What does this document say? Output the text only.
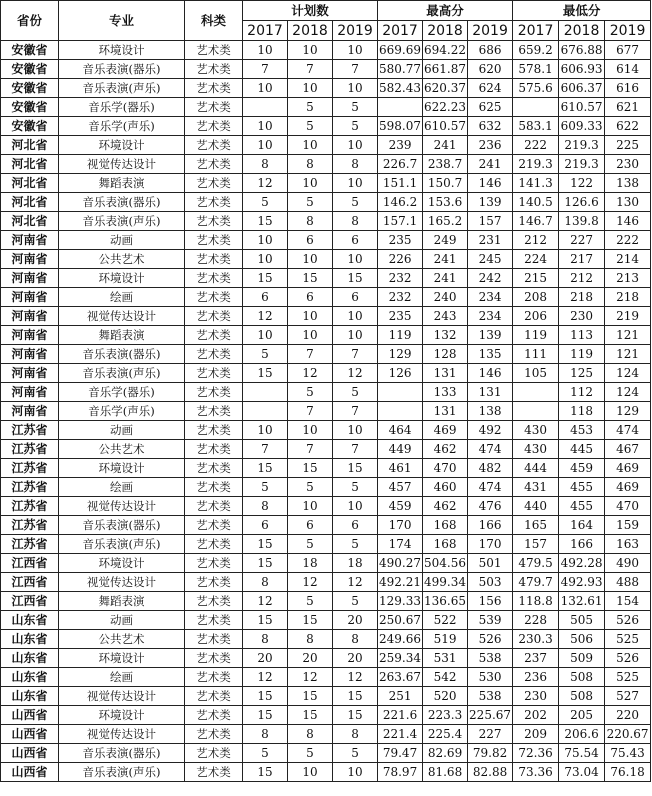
省份	专业	科类	计划数			最高分			最低分		
			2017	2018	2019	2017	2018	2019	2017	2018	2019
安徽省	环境设计	艺术类	10	10	10	669.69	694.22	686	659.2	676.88	677
安徽省	音乐表演(器乐)	艺术类	7	7	7	580.77	661.87	620	578.1	606.93	614
安徽省	音乐表演(声乐)	艺术类	10	10	10	582.43	620.37	624	575.6	606.37	616
安徽省	音乐学(器乐)	艺术类		5	5		622.23	625		610.57	621
安徽省	音乐学(声乐)	艺术类	10	5	5	598.07	610.57	632	583.1	609.33	622
河北省	环境设计	艺术类	10	10	10	239	241	236	222	219.3	225
河北省	视觉传达设计	艺术类	8	8	8	226.7	238.7	241	219.3	219.3	230
河北省	舞蹈表演	艺术类	12	10	10	151.1	150.7	146	141.3	122	138
河北省	音乐表演(器乐)	艺术类	5	5	5	146.2	153.6	139	140.5	126.6	130
河北省	音乐表演(声乐)	艺术类	15	8	8	157.1	165.2	157	146.7	139.8	146
河南省	动画	艺术类	10	6	6	235	249	231	212	227	222
河南省	公共艺术	艺术类	10	10	10	226	241	245	224	217	214
河南省	环境设计	艺术类	15	15	15	232	241	242	215	212	213
河南省	绘画	艺术类	6	6	6	232	240	234	208	218	218
河南省	视觉传达设计	艺术类	12	10	10	235	243	234	206	230	219
河南省	舞蹈表演	艺术类	10	10	10	119	132	139	119	113	121
河南省	音乐表演(器乐)	艺术类	5	7	7	129	128	135	111	119	121
河南省	音乐表演(声乐)	艺术类	15	12	12	126	131	146	105	125	124
河南省	音乐学(器乐)	艺术类		5	5		133	131		112	124
河南省	音乐学(声乐)	艺术类		7	7		131	138		118	129
江苏省	动画	艺术类	10	10	10	464	469	492	430	453	474
江苏省	公共艺术	艺术类	7	7	7	449	462	474	430	445	467
江苏省	环境设计	艺术类	15	15	15	461	470	482	444	459	469
江苏省	绘画	艺术类	5	5	5	457	460	474	431	455	469
江苏省	视觉传达设计	艺术类	8	10	10	459	462	476	440	455	470
江苏省	音乐表演(器乐)	艺术类	6	6	6	170	168	166	165	164	159
江苏省	音乐表演(声乐)	艺术类	15	5	5	174	168	170	157	166	163
江西省	环境设计	艺术类	15	18	18	490.27	504.56	501	479.5	492.28	490
江西省	视觉传达设计	艺术类	8	12	12	492.21	499.34	503	479.7	492.93	488
江西省	舞蹈表演	艺术类	12	5	5	129.33	136.65	156	118.8	132.61	154
山东省	动画	艺术类	15	15	20	250.67	522	539	228	505	526
山东省	公共艺术	艺术类	8	8	8	249.66	519	526	230.3	506	525
山东省	环境设计	艺术类	20	20	20	259.34	531	538	237	509	526
山东省	绘画	艺术类	12	12	12	263.67	542	530	236	508	525
山东省	视觉传达设计	艺术类	15	15	15	251	520	538	230	508	527
山西省	环境设计	艺术类	15	15	15	221.6	223.3	225.67	202	205	220
山西省	视觉传达设计	艺术类	8	8	8	221.4	225.4	227	209	206.6	220.67
山西省	音乐表演(器乐)	艺术类	5	5	5	79.47	82.69	79.82	72.36	75.54	75.43
山西省	音乐表演(声乐)	艺术类	15	10	10	78.97	81.68	82.88	73.36	73.04	76.18
